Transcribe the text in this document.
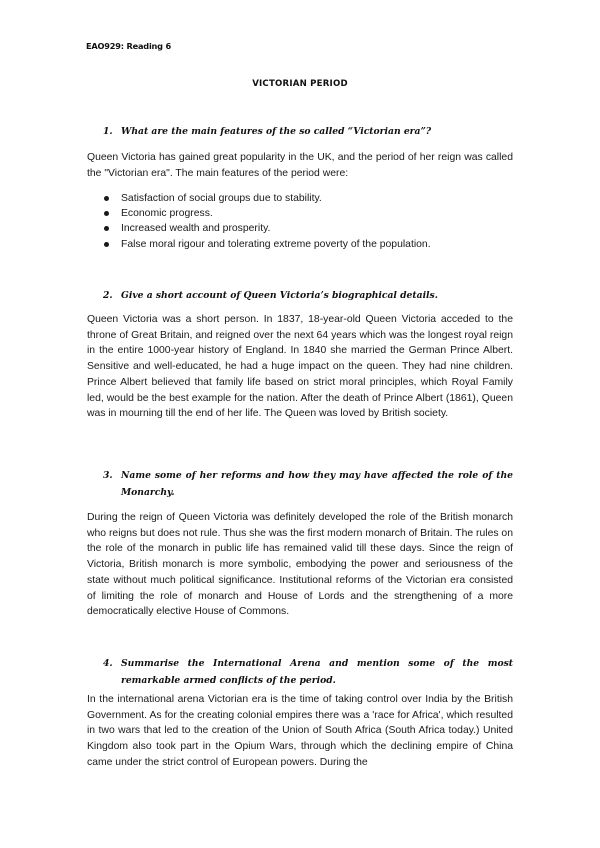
EAO929: Reading 6
VICTORIAN PERIOD
1. What are the main features of the so called “Victorian era”?

Queen Victoria has gained great popularity in the UK, and the period of her reign was called the "Victorian era". The main features of the period were:

Satisfaction of social groups due to stability.
Economic progress.
Increased wealth and prosperity.
False moral rigour and tolerating extreme poverty of the population.
2. Give a short account of Queen Victoria’s biographical details.

Queen Victoria was a short person. In 1837, 18-year-old Queen Victoria acceded to the throne of Great Britain, and reigned over the next 64 years which was the longest royal reign in the entire 1000-year history of England. In 1840 she married the German Prince Albert. Sensitive and well-educated, he had a huge impact on the queen. They had nine children. Prince Albert believed that family life based on strict moral principles, which Royal Family led, would be the best example for the nation. After the death of Prince Albert (1861), Queen was in mourning till the end of her life. The Queen was loved by British society.

3. Name some of her reforms and how they may have affected the role of the Monarchy.

During the reign of Queen Victoria was definitely developed the role of the British monarch who reigns but does not rule. Thus she was the first modern monarch of Britain. The rules on the role of the monarch in public life has remained valid till these days. Since the reign of Victoria, British monarch is more symbolic, embodying the power and seriousness of the state without much political significance. Institutional reforms of the Victorian era consisted of limiting the role of monarch and House of Lords and the strengthening of a more democratically elective House of Commons.

4. Summarise the International Arena and mention some of the most remarkable armed conflicts of the period.

In the international arena Victorian era is the time of taking control over India by the British Government. As for the creating colonial empires there was a 'race for Africa', which resulted in two wars that led to the creation of the Union of South Africa (South Africa today.) United Kingdom also took part in the Opium Wars, through which the declining empire of China came under the strict control of European powers. During the
